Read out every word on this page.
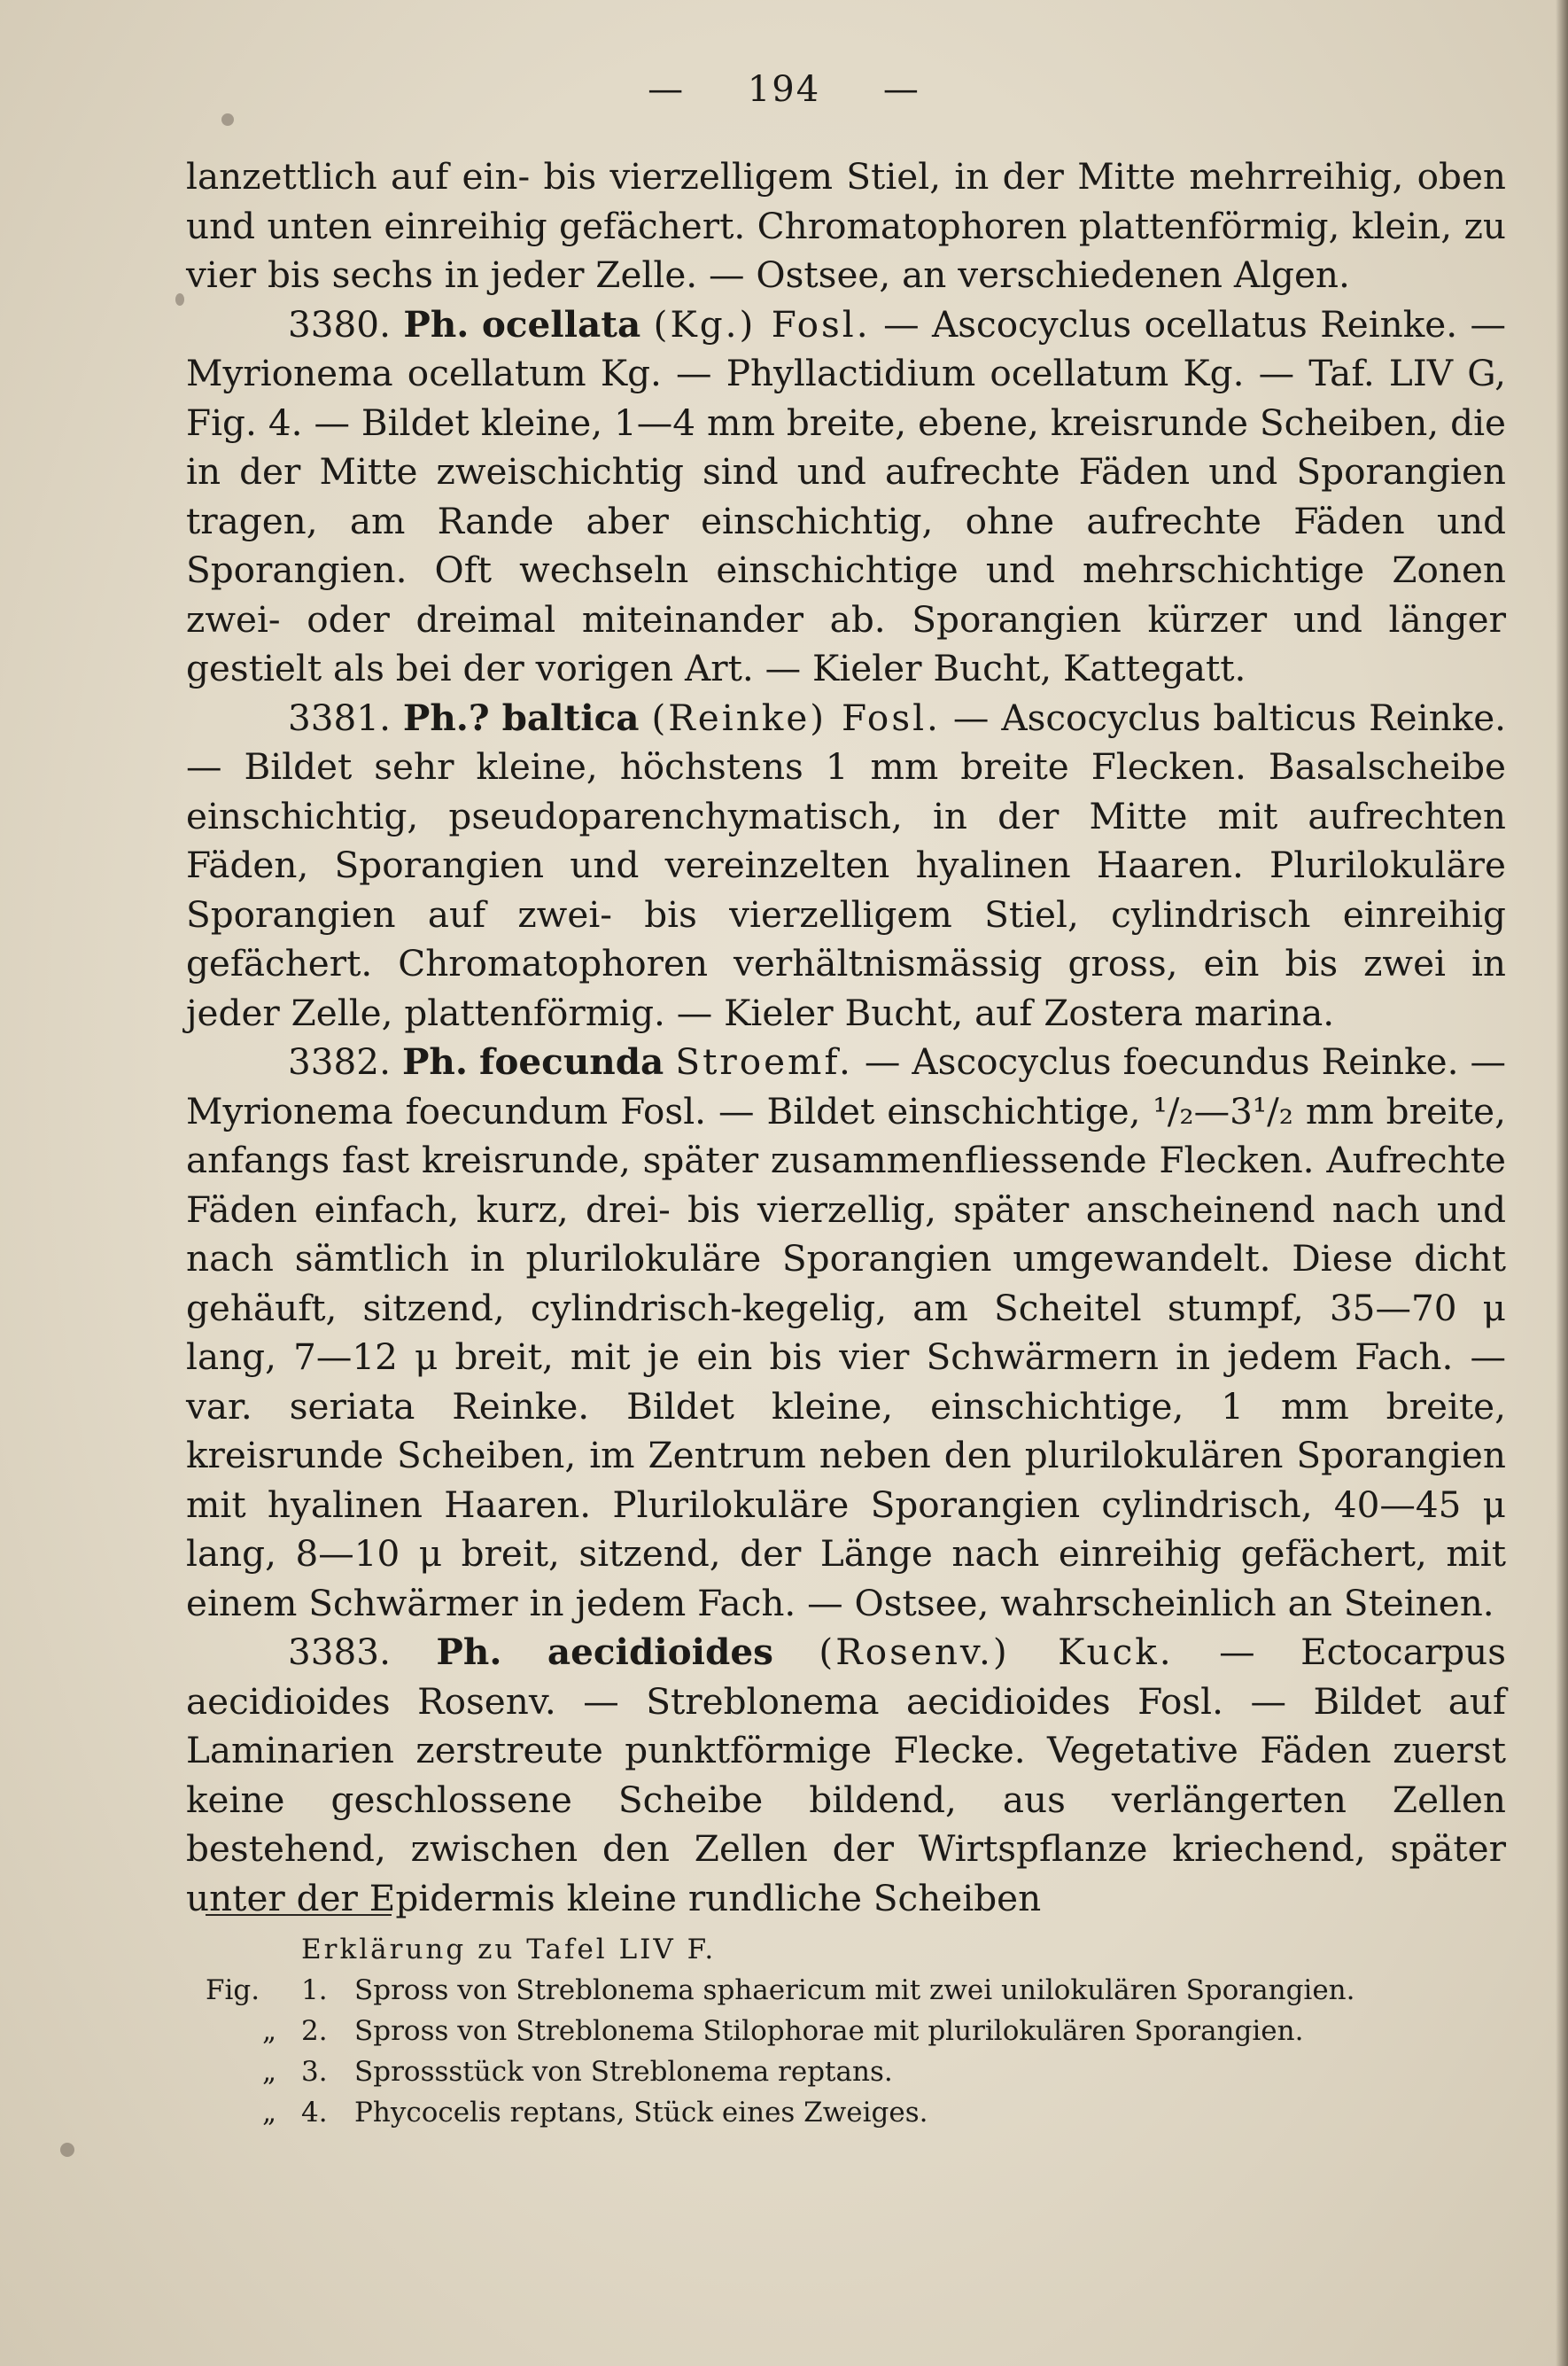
— 194 —

lanzettlich auf ein- bis vierzelligem Stiel, in der Mitte mehrreihig, oben und unten einreihig gefächert. Chromatophoren plattenförmig, klein, zu vier bis sechs in jeder Zelle. — Ostsee, an verschiedenen Algen.

3380. Ph. ocellata (Kg.) Fosl. — Ascocyclus ocellatus Reinke. — Myrionema ocellatum Kg. — Phyllactidium ocellatum Kg. — Taf. LIV G, Fig. 4. — Bildet kleine, 1—4 mm breite, ebene, kreisrunde Scheiben, die in der Mitte zweischichtig sind und aufrechte Fäden und Sporangien tragen, am Rande aber einschichtig, ohne aufrechte Fäden und Sporangien. Oft wechseln einschichtige und mehrschichtige Zonen zwei- oder dreimal miteinander ab. Sporangien kürzer und länger gestielt als bei der vorigen Art. — Kieler Bucht, Kattegatt.

3381. Ph.? baltica (Reinke) Fosl. — Ascocyclus balticus Reinke. — Bildet sehr kleine, höchstens 1 mm breite Flecken. Basalscheibe einschichtig, pseudoparenchymatisch, in der Mitte mit aufrechten Fäden, Sporangien und vereinzelten hyalinen Haaren. Plurilokuläre Sporangien auf zwei- bis vierzelligem Stiel, cylindrisch einreihig gefächert. Chromatophoren verhältnismässig gross, ein bis zwei in jeder Zelle, plattenförmig. — Kieler Bucht, auf Zostera marina.

3382. Ph. foecunda Stroemf. — Ascocyclus foecundus Reinke. — Myrionema foecundum Fosl. — Bildet einschichtige, ¹/₂—3¹/₂ mm breite, anfangs fast kreisrunde, später zusammenfliessende Flecken. Aufrechte Fäden einfach, kurz, drei- bis vierzellig, später anscheinend nach und nach sämtlich in plurilokuläre Sporangien umgewandelt. Diese dicht gehäuft, sitzend, cylindrisch-kegelig, am Scheitel stumpf, 35—70 μ lang, 7—12 μ breit, mit je ein bis vier Schwärmern in jedem Fach. — var. seriata Reinke. Bildet kleine, einschichtige, 1 mm breite, kreisrunde Scheiben, im Zentrum neben den plurilokulären Sporangien mit hyalinen Haaren. Plurilokuläre Sporangien cylindrisch, 40—45 μ lang, 8—10 μ breit, sitzend, der Länge nach einreihig gefächert, mit einem Schwärmer in jedem Fach. — Ostsee, wahrscheinlich an Steinen.

3383. Ph. aecidioides (Rosenv.) Kuck. — Ectocarpus aecidioides Rosenv. — Streblonema aecidioides Fosl. — Bildet auf Laminarien zerstreute punktförmige Flecke. Vegetative Fäden zuerst keine geschlossene Scheibe bildend, aus verlängerten Zellen bestehend, zwischen den Zellen der Wirtspflanze kriechend, später unter der Epidermis kleine rundliche Scheiben

Erklärung zu Tafel LIV F.
Fig.	1. Spross von Streblonema sphaericum mit zwei unilokulären Sporangien.
„ 2. Spross von Streblonema Stilophorae mit plurilokulären Sporangien.
„ 3. Sprossstück von Streblonema reptans.
„ 4. Phycocelis reptans, Stück eines Zweiges.
